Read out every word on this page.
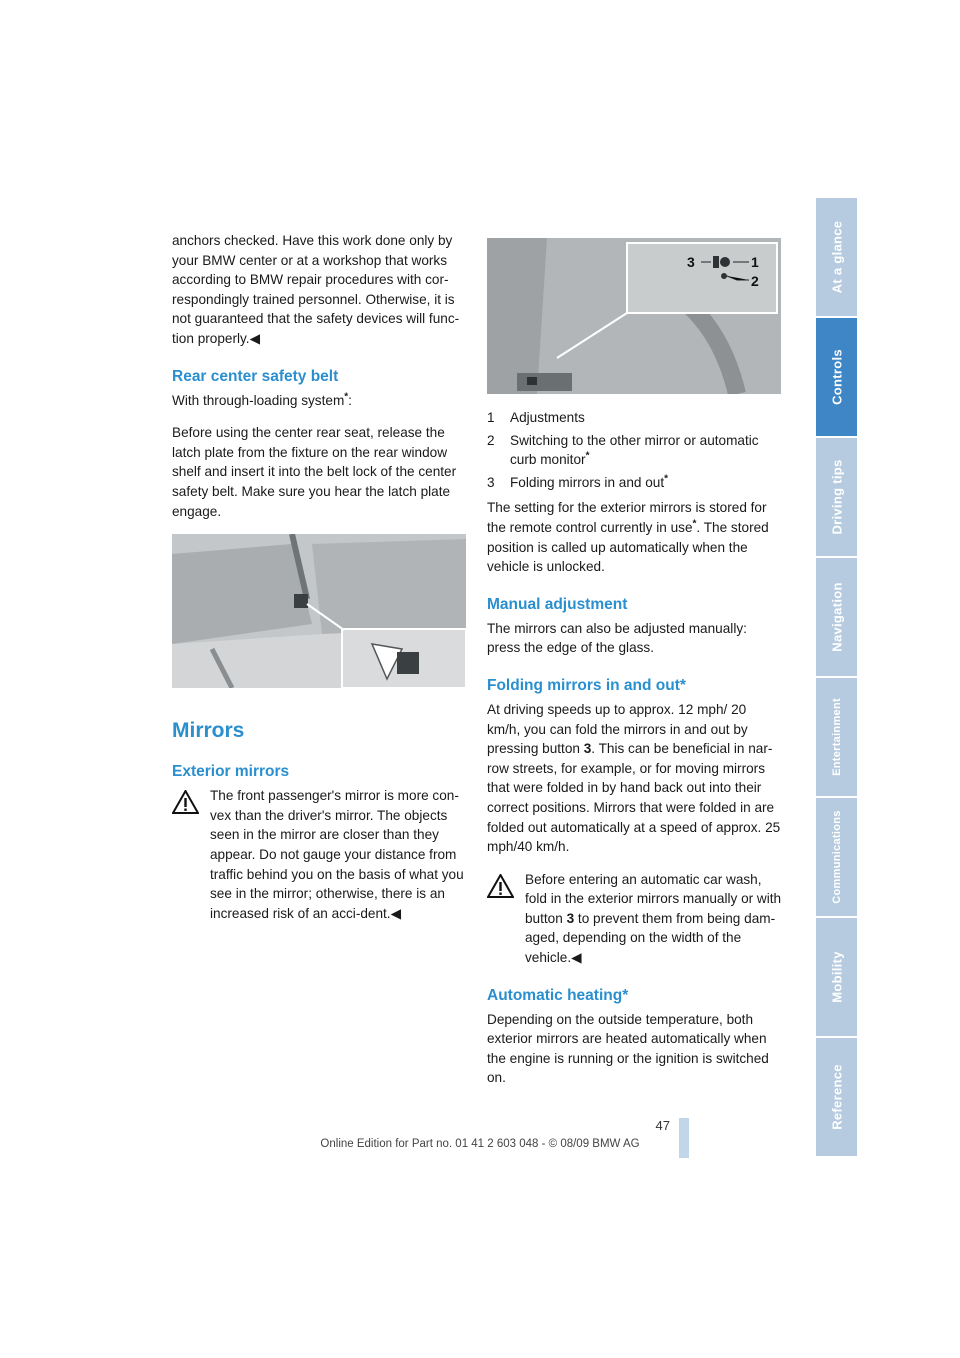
anchors checked. Have this work done only by your BMW center or at a workshop that works according to BMW repair procedures with cor-respondingly trained personnel. Otherwise, it is not guaranteed that the safety devices will func-tion properly.◀

Rear center safety belt

With through-loading system*:

Before using the center rear seat, release the latch plate from the fixture on the rear window shelf and insert it into the belt lock of the center safety belt. Make sure you hear the latch plate engage.

Mirrors
Exterior mirrors
The front passenger's mirror is more con-vex than the driver's mirror. The objects seen in the mirror are closer than they appear. Do not gauge your distance from traffic behind you on the basis of what you see in the mirror; otherwise, there is an increased risk of an acci-dent.◀
1
2
3
1	Adjustments
2	Switching to the other mirror or automatic curb monitor*
3	Folding mirrors in and out*

The setting for the exterior mirrors is stored for the remote control currently in use*. The stored position is called up automatically when the vehicle is unlocked.

Manual adjustment

The mirrors can also be adjusted manually: press the edge of the glass.

Folding mirrors in and out*

At driving speeds up to approx. 12 mph/ 20 km/h, you can fold the mirrors in and out by pressing button 3. This can be beneficial in nar-row streets, for example, or for moving mirrors that were folded in by hand back out into their correct positions. Mirrors that were folded in are folded out automatically at a speed of approx. 25 mph/40 km/h.

Before entering an automatic car wash, fold in the exterior mirrors manually or with button 3 to prevent them from being dam-aged, depending on the width of the vehicle.◀
Automatic heating*

Depending on the outside temperature, both exterior mirrors are heated automatically when the engine is running or the ignition is switched on.

At a glance
Controls
Driving tips
Navigation
Entertainment
Communications
Mobility
Reference
47
Online Edition for Part no. 01 41 2 603 048 - © 08/09 BMW AG
